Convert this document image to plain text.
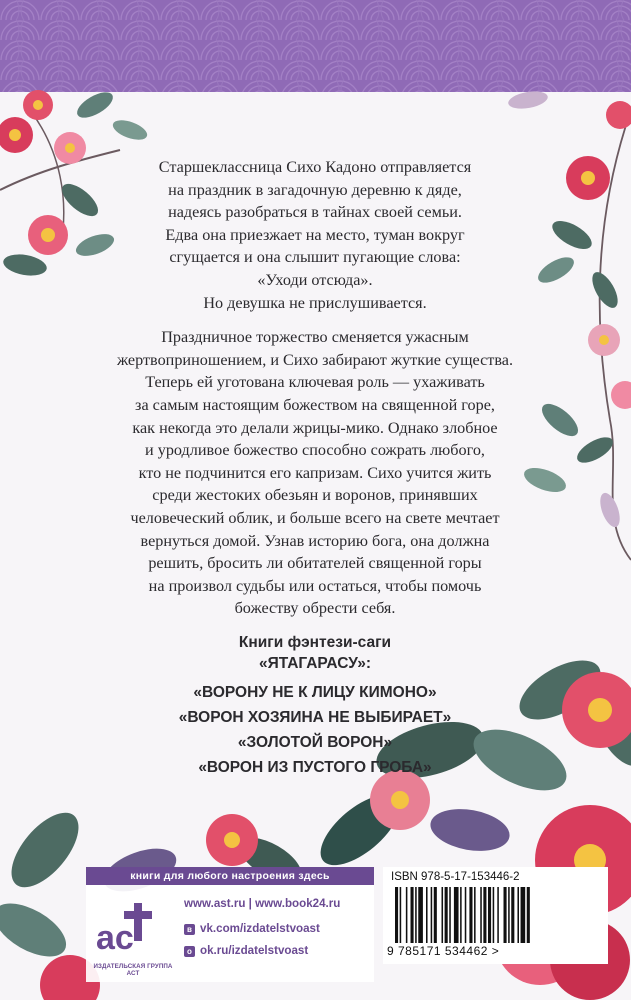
Старшеклассница Сихо Кадоно отправляется
на праздник в загадочную деревню к дяде,
надеясь разобраться в тайнах своей семьи.
Едва она приезжает на место, туман вокруг
сгущается и она слышит пугающие слова:
«Уходи отсюда».
Но девушка не прислушивается.
Праздничное торжество сменяется ужасным
жертвоприношением, и Сихо забирают жуткие существа.
Теперь ей уготована ключевая роль — ухаживать
за самым настоящим божеством на священной горе,
как некогда это делали жрицы-мико. Однако злобное
и уродливое божество способно сожрать любого,
кто не подчинится его капризам. Сихо учится жить
среди жестоких обезьян и воронов, принявших
человеческий облик, и больше всего на свете мечтает
вернуться домой. Узнав историю бога, она должна
решить, бросить ли обитателей священной горы
на произвол судьбы или остаться, чтобы помочь
божеству обрести себя.
Книги фэнтези-саги
«ЯТАГАРАСУ»:
«ВОРОНУ НЕ К ЛИЦУ КИМОНО»
«ВОРОН ХОЗЯИНА НЕ ВЫБИРАЕТ»
«ЗОЛОТОЙ ВОРОН»
«ВОРОН ИЗ ПУСТОГО ГРОБА»
книги для любого настроения здесь
ac
ИЗДАТЕЛЬСКАЯ ГРУППА АСТ
www.ast.ru | www.book24.ru
в vk.com/izdatelstvoast
о ok.ru/izdatelstvoast
ISBN 978-5-17-153446-2
9 785171 534462 >
